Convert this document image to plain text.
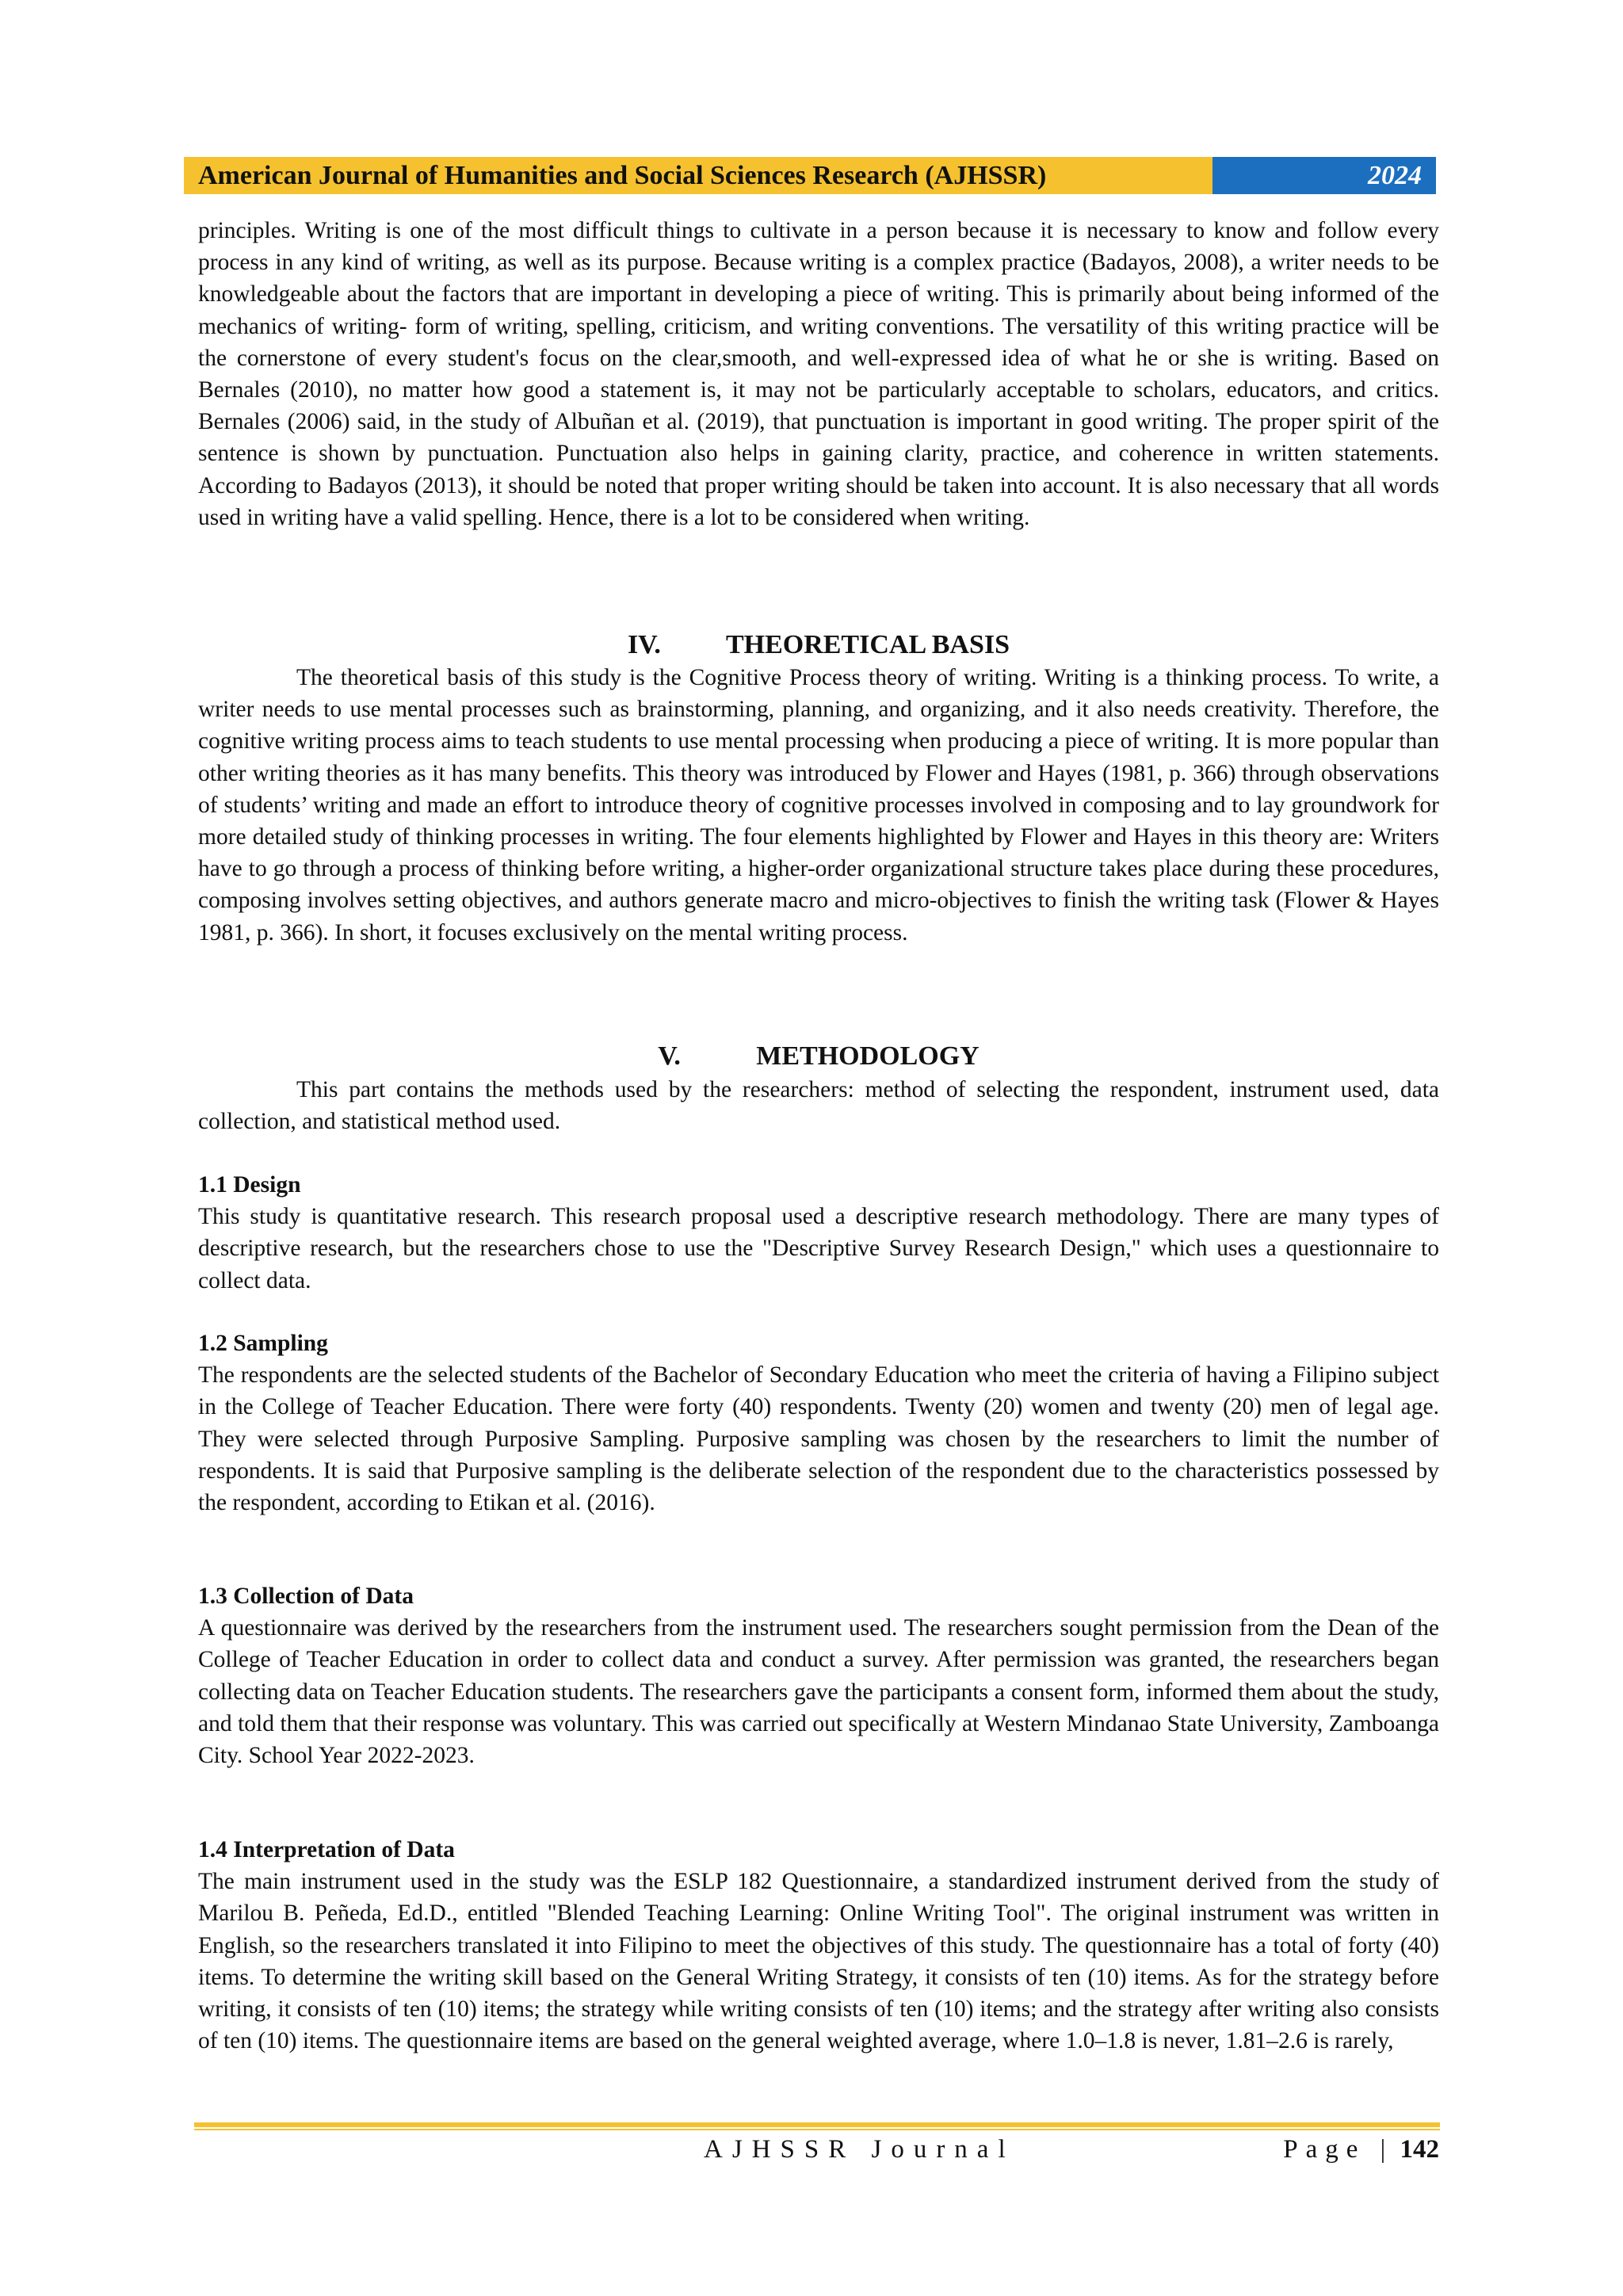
American Journal of Humanities and Social Sciences Research (AJHSSR)	2024

principles. Writing is one of the most difficult things to cultivate in a person because it is necessary to know and follow every process in any kind of writing, as well as its purpose. Because writing is a complex practice (Badayos, 2008), a writer needs to be knowledgeable about the factors that are important in developing a piece of writing. This is primarily about being informed of the mechanics of writing- form of writing, spelling, criticism, and writing conventions. The versatility of this writing practice will be the cornerstone of every student's focus on the clear,smooth, and well-expressed idea of what he or she is writing. Based on Bernales (2010), no matter how good a statement is, it may not be particularly acceptable to scholars, educators, and critics. Bernales (2006) said, in the study of Albuñan et al. (2019), that punctuation is important in good writing. The proper spirit of the sentence is shown by punctuation. Punctuation also helps in gaining clarity, practice, and coherence in written statements. According to Badayos (2013), it should be noted that proper writing should be taken into account. It is also necessary that all words used in writing have a valid spelling. Hence, there is a lot to be considered when writing.

IV. THEORETICAL BASIS

The theoretical basis of this study is the Cognitive Process theory of writing. Writing is a thinking process. To write, a writer needs to use mental processes such as brainstorming, planning, and organizing, and it also needs creativity. Therefore, the cognitive writing process aims to teach students to use mental processing when producing a piece of writing. It is more popular than other writing theories as it has many benefits. This theory was introduced by Flower and Hayes (1981, p. 366) through observations of students’ writing and made an effort to introduce theory of cognitive processes involved in composing and to lay groundwork for more detailed study of thinking processes in writing. The four elements highlighted by Flower and Hayes in this theory are: Writers have to go through a process of thinking before writing, a higher-order organizational structure takes place during these procedures, composing involves setting objectives, and authors generate macro and micro-objectives to finish the writing task (Flower & Hayes 1981, p. 366). In short, it focuses exclusively on the mental writing process.

V.	METHODOLOGY

This part contains the methods used by the researchers: method of selecting the respondent, instrument used, data collection, and statistical method used.

1.1 Design

This study is quantitative research. This research proposal used a descriptive research methodology. There are many types of descriptive research, but the researchers chose to use the "Descriptive Survey Research Design," which uses a questionnaire to collect data.

1.2 Sampling

The respondents are the selected students of the Bachelor of Secondary Education who meet the criteria of having a Filipino subject in the College of Teacher Education. There were forty (40) respondents. Twenty (20) women and twenty (20) men of legal age. They were selected through Purposive Sampling. Purposive sampling was chosen by the researchers to limit the number of respondents. It is said that Purposive sampling is the deliberate selection of the respondent due to the characteristics possessed by the respondent, according to Etikan et al. (2016).

1.3 Collection of Data

A questionnaire was derived by the researchers from the instrument used. The researchers sought permission from the Dean of the College of Teacher Education in order to collect data and conduct a survey. After permission was granted, the researchers began collecting data on Teacher Education students. The researchers gave the participants a consent form, informed them about the study, and told them that their response was voluntary. This was carried out specifically at Western Mindanao State University, Zamboanga City. School Year 2022-2023.

1.4 Interpretation of Data

The main instrument used in the study was the ESLP 182 Questionnaire, a standardized instrument derived from the study of Marilou B. Peñeda, Ed.D., entitled "Blended Teaching Learning: Online Writing Tool". The original instrument was written in English, so the researchers translated it into Filipino to meet the objectives of this study. The questionnaire has a total of forty (40) items. To determine the writing skill based on the General Writing Strategy, it consists of ten (10) items. As for the strategy before writing, it consists of ten (10) items; the strategy while writing consists of ten (10) items; and the strategy after writing also consists of ten (10) items. The questionnaire items are based on the general weighted average, where 1.0–1.8 is never, 1.81–2.6 is rarely,

AJHSSR Journal	Page | 142
